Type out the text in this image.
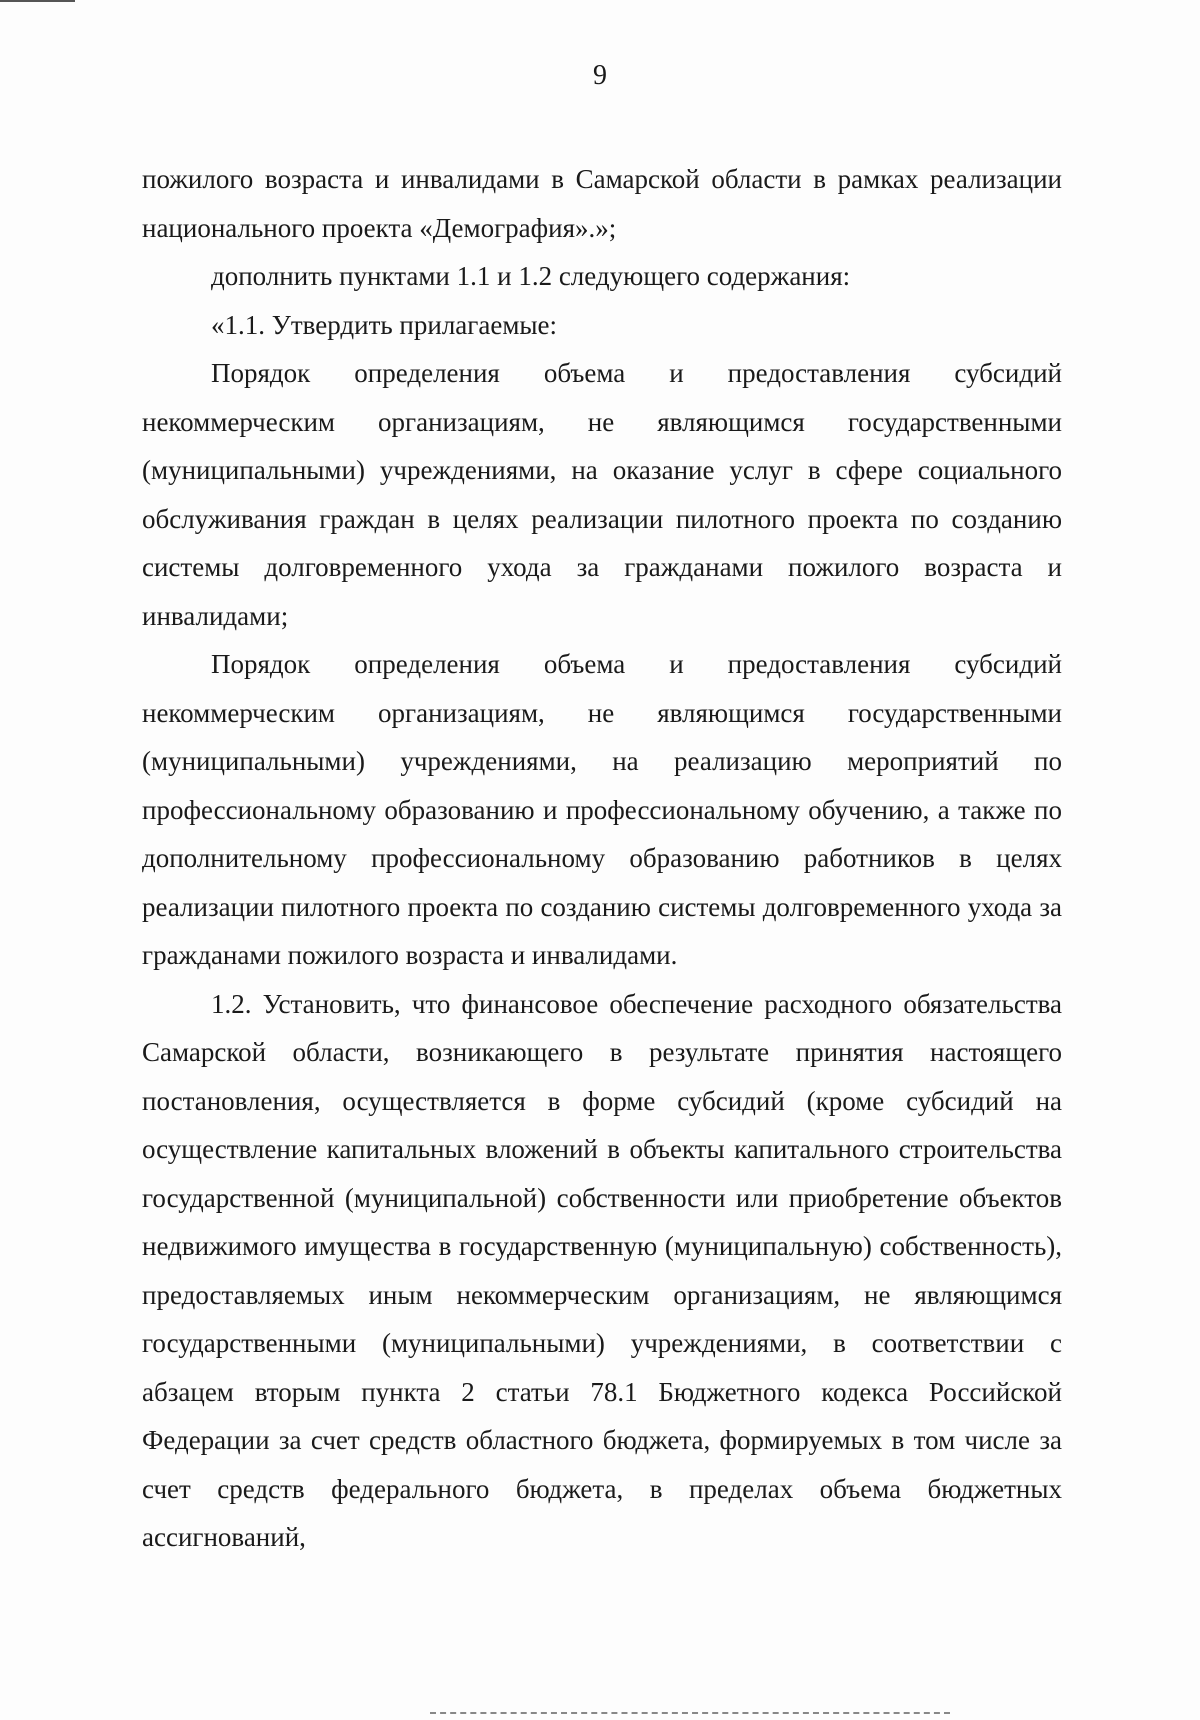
9

пожилого возраста и инвалидами в Самарской области в рамках реализации национального проекта «Демография».»;

дополнить пунктами 1.1 и 1.2 следующего содержания:

«1.1. Утвердить прилагаемые:

Порядок определения объема и предоставления субсидий некоммерческим организациям, не являющимся государственными (муниципальными) учреждениями, на оказание услуг в сфере социального обслуживания граждан в целях реализации пилотного проекта по созданию системы долговременного ухода за гражданами пожилого возраста и инвалидами;

Порядок определения объема и предоставления субсидий некоммерческим организациям, не являющимся государственными (муниципальными) учреждениями, на реализацию мероприятий по профессиональному образованию и профессиональному обучению, а также по дополнительному профессиональному образованию работников в целях реализации пилотного проекта по созданию системы долговременного ухода за гражданами пожилого возраста и инвалидами.

1.2. Установить, что финансовое обеспечение расходного обязательства Самарской области, возникающего в результате принятия настоящего постановления, осуществляется в форме субсидий (кроме субсидий на осуществление капитальных вложений в объекты капитального строительства государственной (муниципальной) собственности или приобретение объектов недвижимого имущества в государственную (муниципальную) собственность), предоставляемых иным некоммерческим организациям, не являющимся государственными (муниципальными) учреждениями, в соответствии с абзацем вторым пункта 2 статьи 78.1 Бюджетного кодекса Российской Федерации за счет средств областного бюджета, формируемых в том числе за счет средств федерального бюджета, в пределах объема бюджетных ассигнований,
